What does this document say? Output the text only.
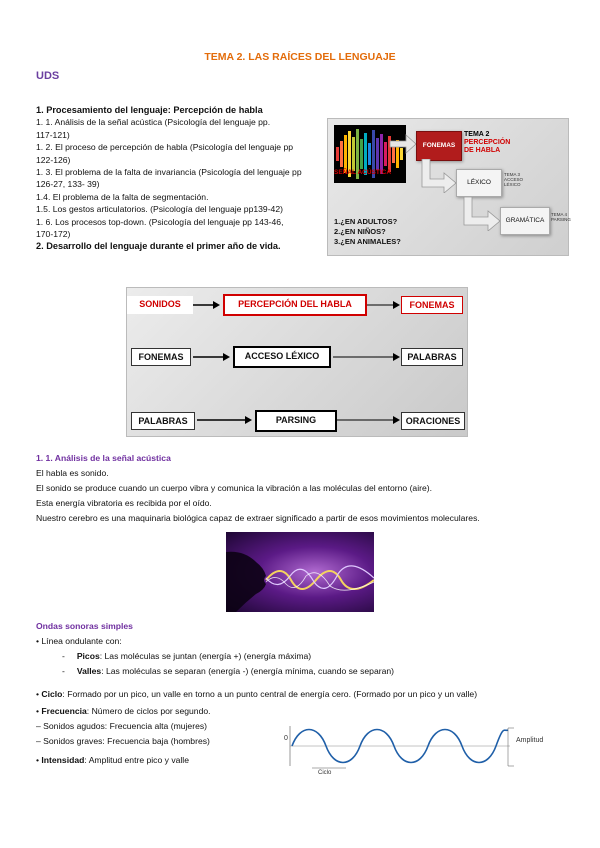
TEMA 2. LAS RAÍCES DEL LENGUAJE
UDS
1. Procesamiento del lenguaje: Percepción de habla
1. 1. Análisis de la señal acústica (Psicología del lenguaje pp.
117-121)
1. 2. El proceso de percepción de habla (Psicología del lenguaje pp
122-126)
1. 3. El problema de la falta de invariancia (Psicología del lenguaje pp
126-27, 133- 39)
1.4. El problema de la falta de segmentación.
1.5. Los gestos articulatorios. (Psicología del lenguaje pp139-42)
1. 6. Los procesos top-down. (Psicología del lenguaje pp 143-46,
170-172)
2. Desarrollo del lenguaje durante el primer año de vida.
SEÑAL ACÚSTICA
FONEMAS
TEMA 2
PERCEPCIÓN
DE HABLA
LÉXICO
TEMA 3
ACCESO
LÉXICO
GRAMÁTICA
TEMA 4
PARSING
1.¿EN ADULTOS?
2.¿EN NIÑOS?
3.¿EN ANIMALES?
SONIDOS	PERCEPCIÓN DEL HABLA	FONEMAS
FONEMAS	ACCESO LÉXICO	PALABRAS
PALABRAS	PARSING	ORACIONES
1. 1. Análisis de la señal acústica
El habla es sonido.
El sonido se produce cuando un cuerpo vibra y comunica la vibración a las moléculas del entorno (aire).
Esta energía vibratoria es recibida por el oído.
Nuestro cerebro es una maquinaria biológica capaz de extraer significado a partir de esos movimientos moleculares.
Ondas sonoras simples
• Línea ondulante con:
-     Picos: Las moléculas se juntan (energía +) (energía máxima)
-     Valles: Las moléculas se separan (energía -) (energía mínima, cuando se separan)
• Ciclo: Formado por un pico, un valle en torno a un punto central de energía cero. (Formado por un pico y un valle)
• Frecuencia: Número de ciclos por segundo.
– Sonidos agudos: Frecuencia alta (mujeres)
– Sonidos graves: Frecuencia baja (hombres)
• Intensidad: Amplitud entre pico y valle
0	Amplitud
Ciclo
